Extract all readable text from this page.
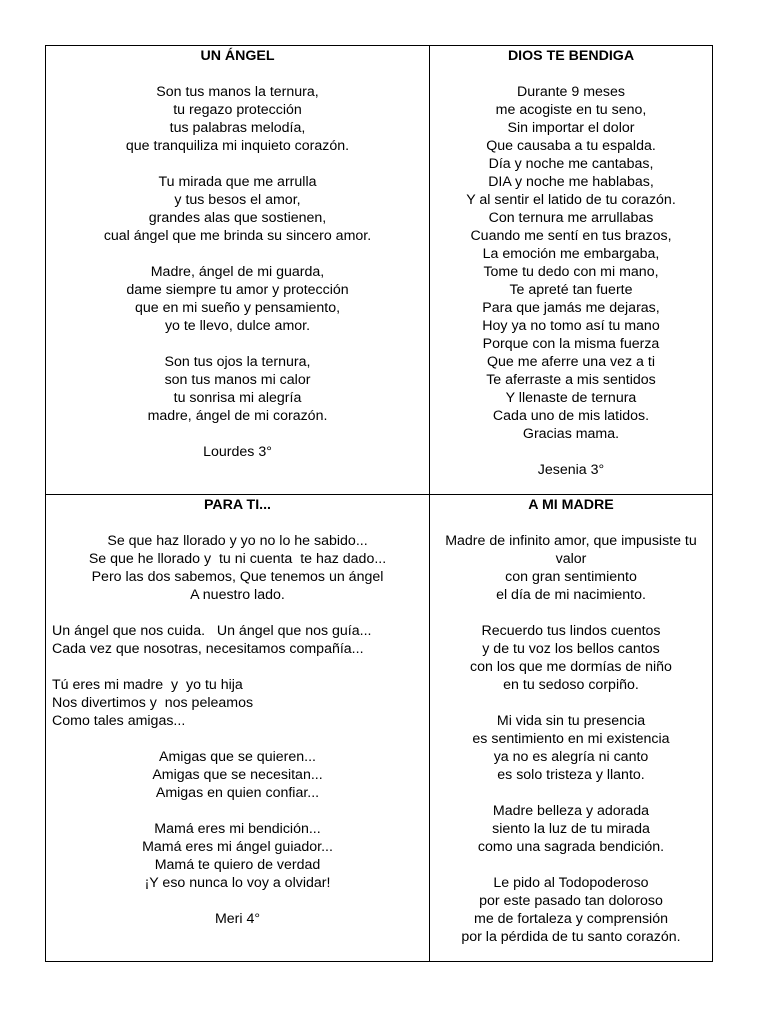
UN ÁNGEL

Son tus manos la ternura,
tu regazo protección
tus palabras melodía,
que tranquiliza mi inquieto corazón.
Tu mirada que me arrulla
y tus besos el amor,
grandes alas que sostienen,
cual ángel que me brinda su sincero amor.
Madre, ángel de mi guarda,
dame siempre tu amor y protección
que en mi sueño y pensamiento,
yo te llevo, dulce amor.
Son tus ojos la ternura,
son tus manos mi calor
tu sonrisa mi alegría
madre, ángel de mi corazón.
Lourdes 3°

DIOS TE BENDIGA

Durante 9 meses
me acogiste en tu seno,
Sin importar el dolor
Que causaba a tu espalda.
Día y noche me cantabas,
DIA y noche me hablabas,
Y al sentir el latido de tu corazón.
Con ternura me arrullabas
Cuando me sentí en tus brazos,
La emoción me embargaba,
Tome tu dedo con mi mano,
Te apreté tan fuerte
Para que jamás me dejaras,
Hoy ya no tomo así tu mano
Porque con la misma fuerza
Que me aferre una vez a ti
Te aferraste a mis sentidos
Y llenaste de ternura
Cada uno de mis latidos.
Gracias mama.
Jesenia 3°

PARA TI...

Se que haz llorado y yo no lo he sabido...
Se que he llorado y  tu ni cuenta  te haz dado...
Pero las dos sabemos, Que tenemos un ángel
A nuestro lado.
Un ángel que nos cuida.   Un ángel que nos guía...
Cada vez que nosotras, necesitamos compañía...
Tú eres mi madre  y  yo tu hija
Nos divertimos y  nos peleamos
Como tales amigas...
Amigas que se quieren...
Amigas que se necesitan...
Amigas en quien confiar...
Mamá eres mi bendición...
Mamá eres mi ángel guiador...
Mamá te quiero de verdad
¡Y eso nunca lo voy a olvidar!
Meri 4°

A MI MADRE

Madre de infinito amor, que impusiste tu valor
con gran sentimiento
el día de mi nacimiento.
Recuerdo tus lindos cuentos
y de tu voz los bellos cantos
con los que me dormías de niño
en tu sedoso corpiño.
Mi vida sin tu presencia
es sentimiento en mi existencia
ya no es alegría ni canto
es solo tristeza y llanto.
Madre belleza y adorada
siento la luz de tu mirada
como una sagrada bendición.
Le pido al Todopoderoso
por este pasado tan doloroso
me de fortaleza y comprensión
por la pérdida de tu santo corazón.
